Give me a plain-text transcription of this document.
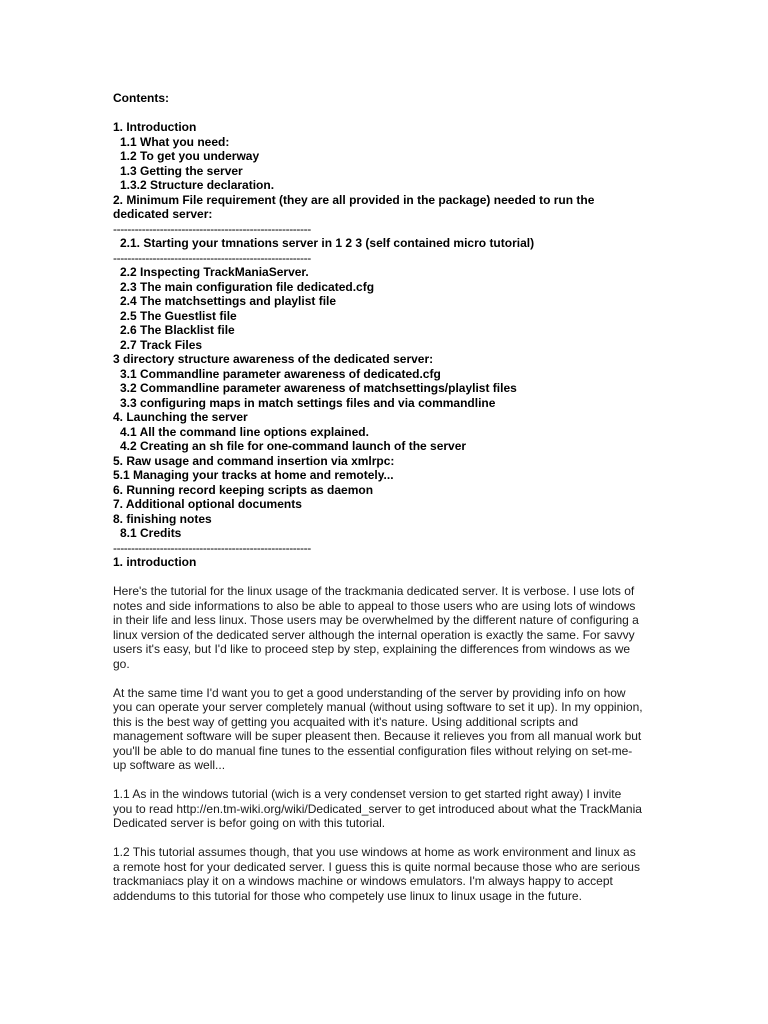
Contents:

1. Introduction
1.1 What you need:
1.2 To get you underway
1.3 Getting the server
1.3.2 Structure declaration.
2. Minimum File requirement (they are all provided in the package) needed to run the dedicated server:
-------------------------------------------------------
2.1. Starting your tmnations server in 1 2 3 (self contained micro tutorial)
-------------------------------------------------------
2.2 Inspecting TrackManiaServer.
2.3 The main configuration file dedicated.cfg
2.4 The matchsettings and playlist file
2.5 The Guestlist file
2.6 The Blacklist file
2.7 Track Files
3 directory structure awareness of the dedicated server:
3.1 Commandline parameter awareness of dedicated.cfg
3.2 Commandline parameter awareness of matchsettings/playlist files
3.3 configuring maps in match settings files and via commandline
4. Launching the server
4.1 All the command line options explained.
4.2 Creating an sh file for one-command launch of the server
5. Raw usage and command insertion via xmlrpc:
5.1 Managing your tracks at home and remotely...
6. Running record keeping scripts as daemon
7. Additional optional documents
8. finishing notes
8.1 Credits
-------------------------------------------------------

1. introduction

Here's the tutorial for the linux usage of the trackmania dedicated server. It is verbose. I use lots of notes and side informations to also be able to appeal to those users who are using lots of windows in their life and less linux. Those users may be overwhelmed by the different nature of configuring a linux version of the dedicated server although the internal operation is exactly the same. For savvy users it's easy, but I'd like to proceed step by step, explaining the differences from windows as we go.

At the same time I'd want you to get a good understanding of the server by providing info on how you can operate your server completely manual (without using software to set it up). In my oppinion, this is the best way of getting you acquaited with it's nature. Using additional scripts and management software will be super pleasent then. Because it relieves you from all manual work but you'll be able to do manual fine tunes to the essential configuration files without relying on set-me-up software as well...

1.1 As in the windows tutorial (wich is a very condenset version to get started right away) I invite you to read http://en.tm-wiki.org/wiki/Dedicated_server to get introduced about what the TrackMania Dedicated server is befor going on with this tutorial.

1.2 This tutorial assumes though, that you use windows at home as work environment and linux as a remote host for your dedicated server. I guess this is quite normal because those who are serious trackmaniacs play it on a windows machine or windows emulators. I'm always happy to accept addendums to this tutorial for those who competely use linux to linux usage in the future.
